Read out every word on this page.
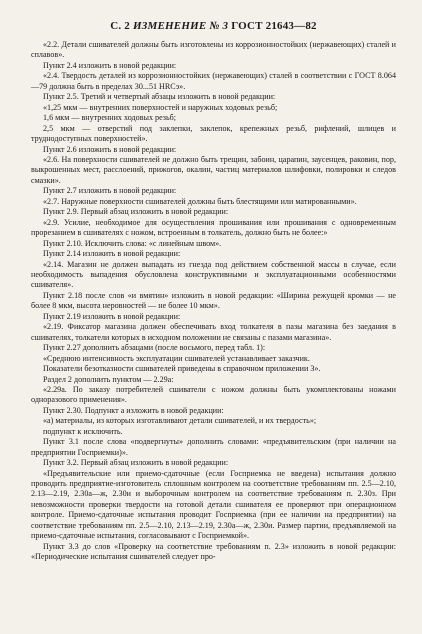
С. 2 ИЗМЕНЕНИЕ № 3 ГОСТ 21643—82

«2.2. Детали сшивателей должны быть изготовлены из коррозионностойких (нержавеющих) сталей и сплавов».

Пункт 2.4 изложить в новой редакции:

«2.4. Твердость деталей из коррозионностойких (нержавеющих) сталей в соответствии с ГОСТ 8.064—79 должна быть в пределах 30...51 HRCэ».

Пункт 2.5. Третий и четвертый абзацы изложить в новой редакции:

«1,25 мкм — внутренних поверхностей и наружных ходовых резьб;

1,6 мкм — внутренних ходовых резьб;

2,5 мкм — отверстий под заклепки, заклепок, крепежных резьб, рифлений, шлицев и труднодоступных поверхностей».

Пункт 2.6 изложить в новой редакции:

«2.6. На поверхности сшивателей не должно быть трещин, забоин, царапин, заусенцев, раковин, пор, выкрошенных мест, расслоений, прижогов, окалин, частиц материалов шлифовки, полировки и следов смазки».

Пункт 2.7 изложить в новой редакции:

«2.7. Наружные поверхности сшивателей должны быть блестящими или матированными».

Пункт 2.9. Первый абзац изложить в новой редакции:

«2.9. Усилие, необходимое для осуществления прошивания или прошивания с одновременным прорезанием в сшивателях с ножом, встроенным в толкатель, должно быть не более:»

Пункт 2.10. Исключить слова: «с линейным швом».

Пункт 2.14 изложить в новой редакции:

«2.14. Магазин не должен выпадать из гнезда под действием собственной массы в случае, если необходимость выпадения обусловлена конструктивными и эксплуатационными особенностями сшивателя».

Пункт 2.18 после слов «и вмятин» изложить в новой редакции: «Ширина режущей кромки — не более 8 мкм, высота неровностей — не более 10 мкм».

Пункт 2.19 изложить в новой редакции:

«2.19. Фиксатор магазина должен обеспечивать вход толкателя в пазы магазина без заедания в сшивателях, толкатели которых в исходном положении не связаны с пазами магазина».

Пункт 2.27 дополнить абзацами (после восьмого, перед табл. 1):

«Среднюю интенсивность эксплуатации сшивателей устанавливает заказчик.

Показатели безотказности сшивателей приведены в справочном приложении 3».

Раздел 2 дополнить пунктом — 2.29а:

«2.29а. По заказу потребителей сшиватели с ножом должны быть укомплектованы ножами одноразового применения».

Пункт 2.30. Подпункт а изложить в новой редакции:

«а) материалы, из которых изготавливают детали сшивателей, и их твердость»;

подпункт к исключить.

Пункт 3.1 после слова «подвергнуты» дополнить словами: «предъявительским (при наличии на предприятии Госприемки)».

Пункт 3.2. Первый абзац изложить в новой редакции:

«Предъявительские или приемо-сдаточные (если Госприемка не введена) испытания должно проводить предприятие-изготовитель сплошным контролем на соответствие требованиям пп. 2.5—2.10, 2.13—2.19, 2.30а—ж, 2.30и и выборочным контролем на соответствие требованиям п. 2.30з. При невозможности проверки твердости на готовой детали сшивателя ее проверяют при операционном контроле. Приемо-сдаточные испытания проводит Госприемка (при ее наличии на предприятии) на соответствие требованиям пп. 2.5—2.10, 2.13—2.19, 2.30а—ж, 2.30и. Размер партии, предъявляемой на приемо-сдаточные испытания, согласовывают с Госприемкой».

Пункт 3.3 до слов «Проверку на соответствие требованиям п. 2.3» изложить в новой редакции: «Периодические испытания сшивателей следует про-
